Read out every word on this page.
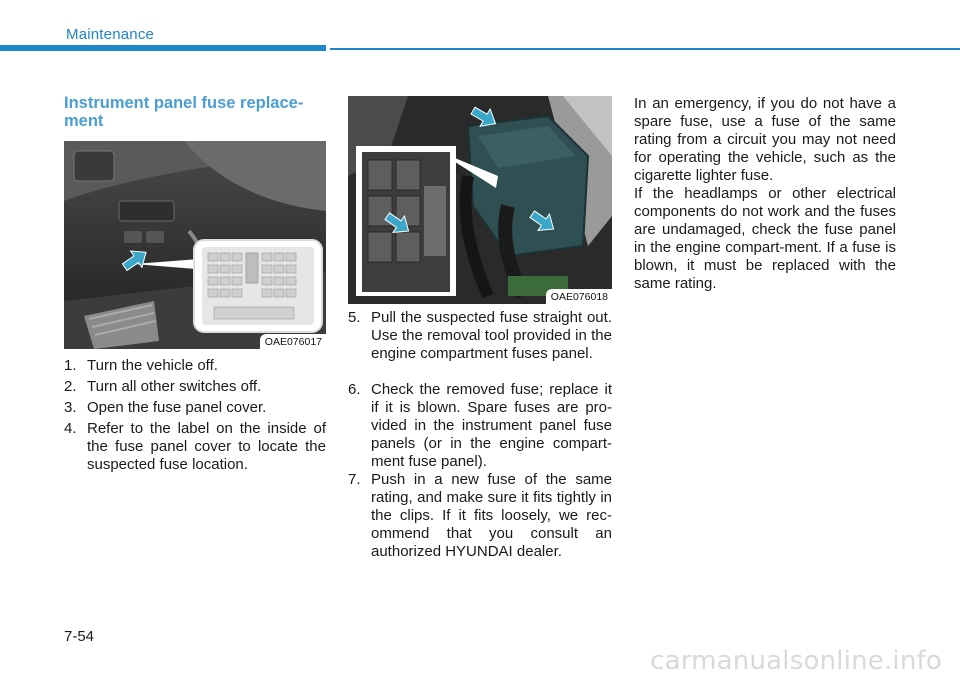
Maintenance
Instrument panel fuse replace-ment
OAE076017
OAE076018
1. Turn the vehicle off.
2. Turn all other switches off.
3. Open the fuse panel cover.
4. Refer to the label on the inside of the fuse panel cover to locate the suspected fuse location.
5. Pull the suspected fuse straight out. Use the removal tool provided in the engine compartment fuses panel.
6. Check the removed fuse; replace it if it is blown. Spare fuses are pro-vided in the instrument panel fuse panels (or in the engine compart-ment fuse panel).
7. Push in a new fuse of the same rating, and make sure it fits tightly in the clips. If it fits loosely, we rec-ommend that you consult an authorized HYUNDAI dealer.
In an emergency, if you do not have a spare fuse, use a fuse of the same rating from a circuit you may not need for operating the vehicle, such as the cigarette lighter fuse.
If the headlamps or other electrical components do not work and the fuses are undamaged, check the fuse panel in the engine compart-ment. If a fuse is blown, it must be replaced with the same rating.
7-54
carmanualsonline.info
